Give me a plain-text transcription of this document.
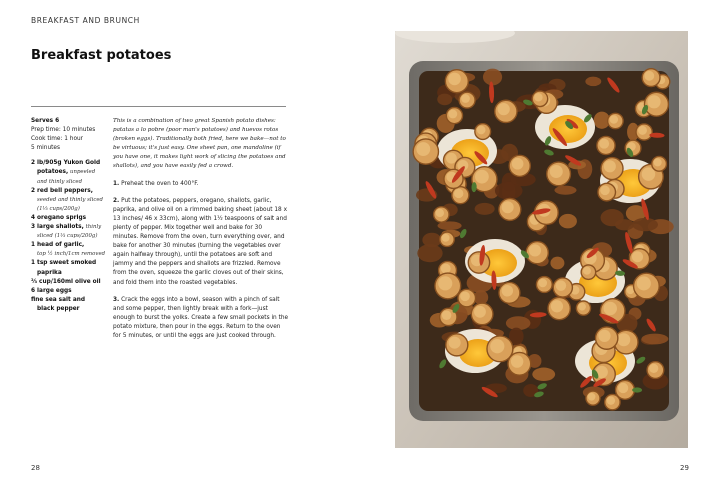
BREAKFAST AND BRUNCH
Breakfast potatoes
Serves 6
Prep time: 10 minutes
Cook time: 1 hour
5 minutes
2 lb/905g Yukon Gold
potatoes, unpeeled
and thinly sliced
2 red bell peppers,
seeded and thinly sliced
(1⅓ cups/200g)
4 oregano sprigs
3 large shallots, thinly
sliced (1⅓ cups/200g)
1 head of garlic,
top ½ inch/1cm removed
1 tsp sweet smoked
paprika
⅔ cup/160ml olive oil
6 large eggs
fine sea salt and
black pepper

This is a combination of two great Spanish potato dishes: patatas a lo pobre (poor man's potatoes) and huevos rotos (broken eggs). Traditionally both fried, here we bake—not to be virtuous; it's just easy. One sheet pan, one mandoline (if you have one, it makes light work of slicing the potatoes and shallots), and you have easily fed a crowd.

1. Preheat the oven to 400°F.

2. Put the potatoes, peppers, oregano, shallots, garlic, paprika, and olive oil on a rimmed baking sheet (about 18 x 13 inches/ 46 x 33cm), along with 1½ teaspoons of salt and plenty of pepper. Mix together well and bake for 30 minutes. Remove from the oven, turn everything over, and bake for another 30 minutes (turning the vegetables over again halfway through), until the potatoes are soft and jammy and the peppers and shallots are frizzled. Remove from the oven, squeeze the garlic cloves out of their skins, and fold them into the roasted vegetables.

3. Crack the eggs into a bowl, season with a pinch of salt and some pepper, then lightly break with a fork—just enough to burst the yolks. Create a few small pockets in the potato mixture, then pour in the eggs. Return to the oven for 5 minutes, or until the eggs are just cooked through.

28	29
